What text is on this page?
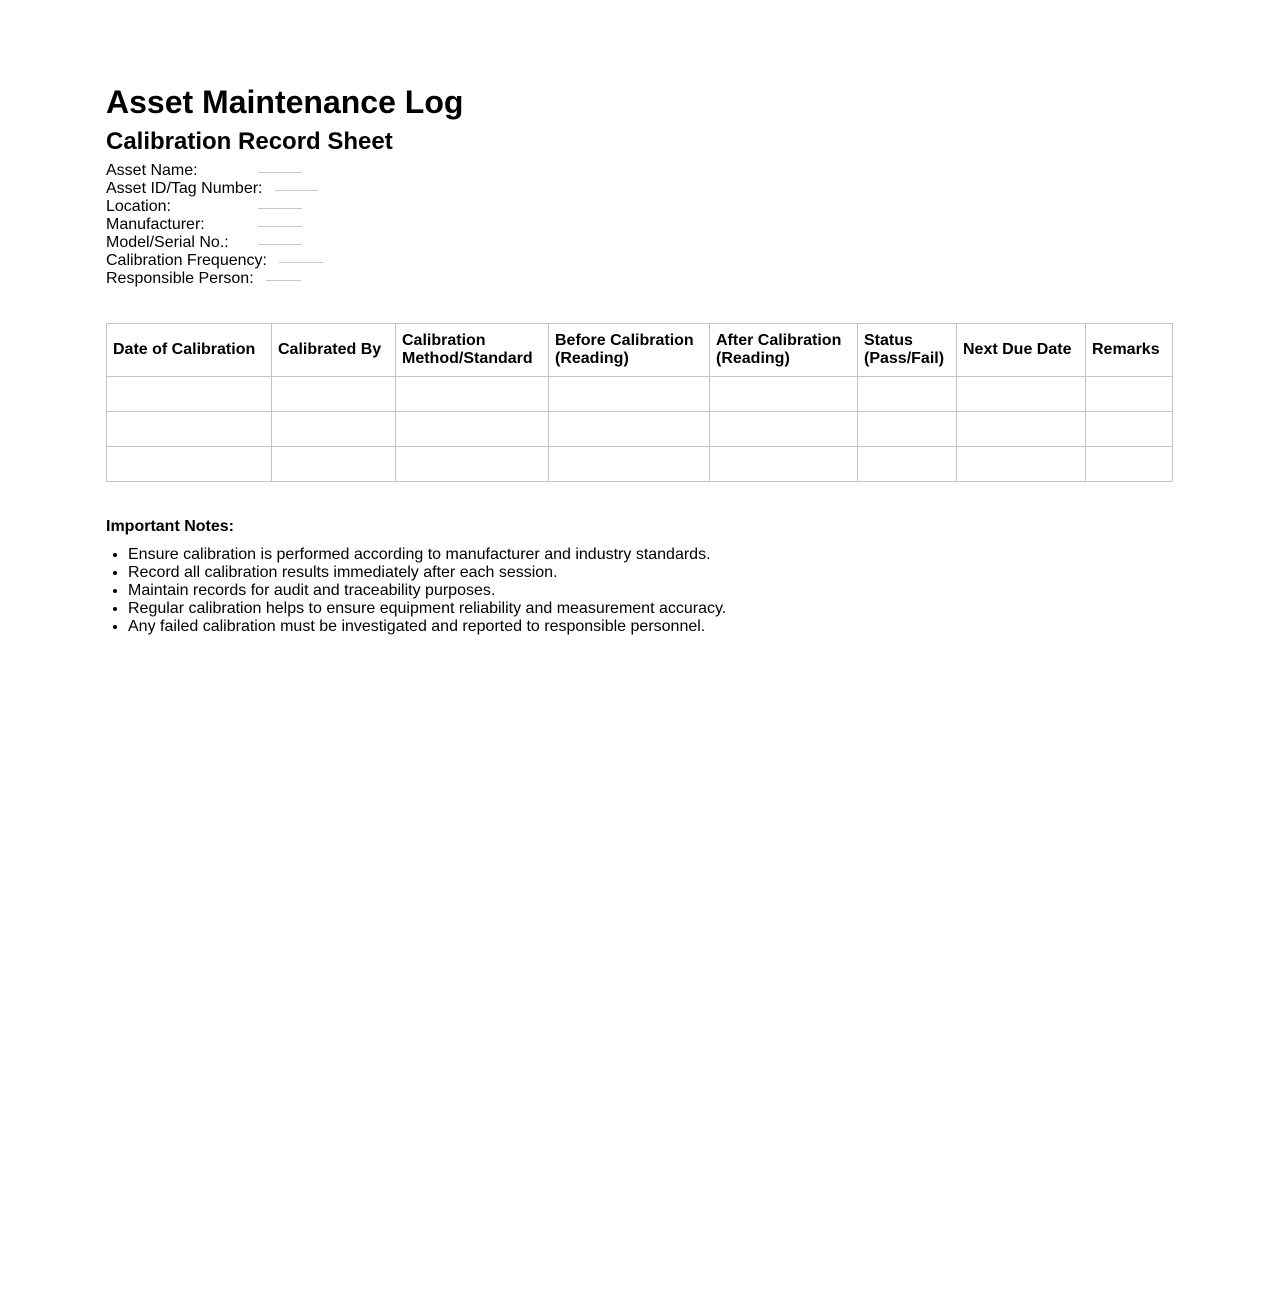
Asset Maintenance Log
Calibration Record Sheet
Asset Name:
Asset ID/Tag Number:
Location:
Manufacturer:
Model/Serial No.:
Calibration Frequency:
Responsible Person:
Date of Calibration	Calibrated By	Calibration Method/Standard	Before Calibration (Reading)	After Calibration (Reading)	Status (Pass/Fail)	Next Due Date	Remarks

Important Notes:
• Ensure calibration is performed according to manufacturer and industry standards.
• Record all calibration results immediately after each session.
• Maintain records for audit and traceability purposes.
• Regular calibration helps to ensure equipment reliability and measurement accuracy.
• Any failed calibration must be investigated and reported to responsible personnel.
